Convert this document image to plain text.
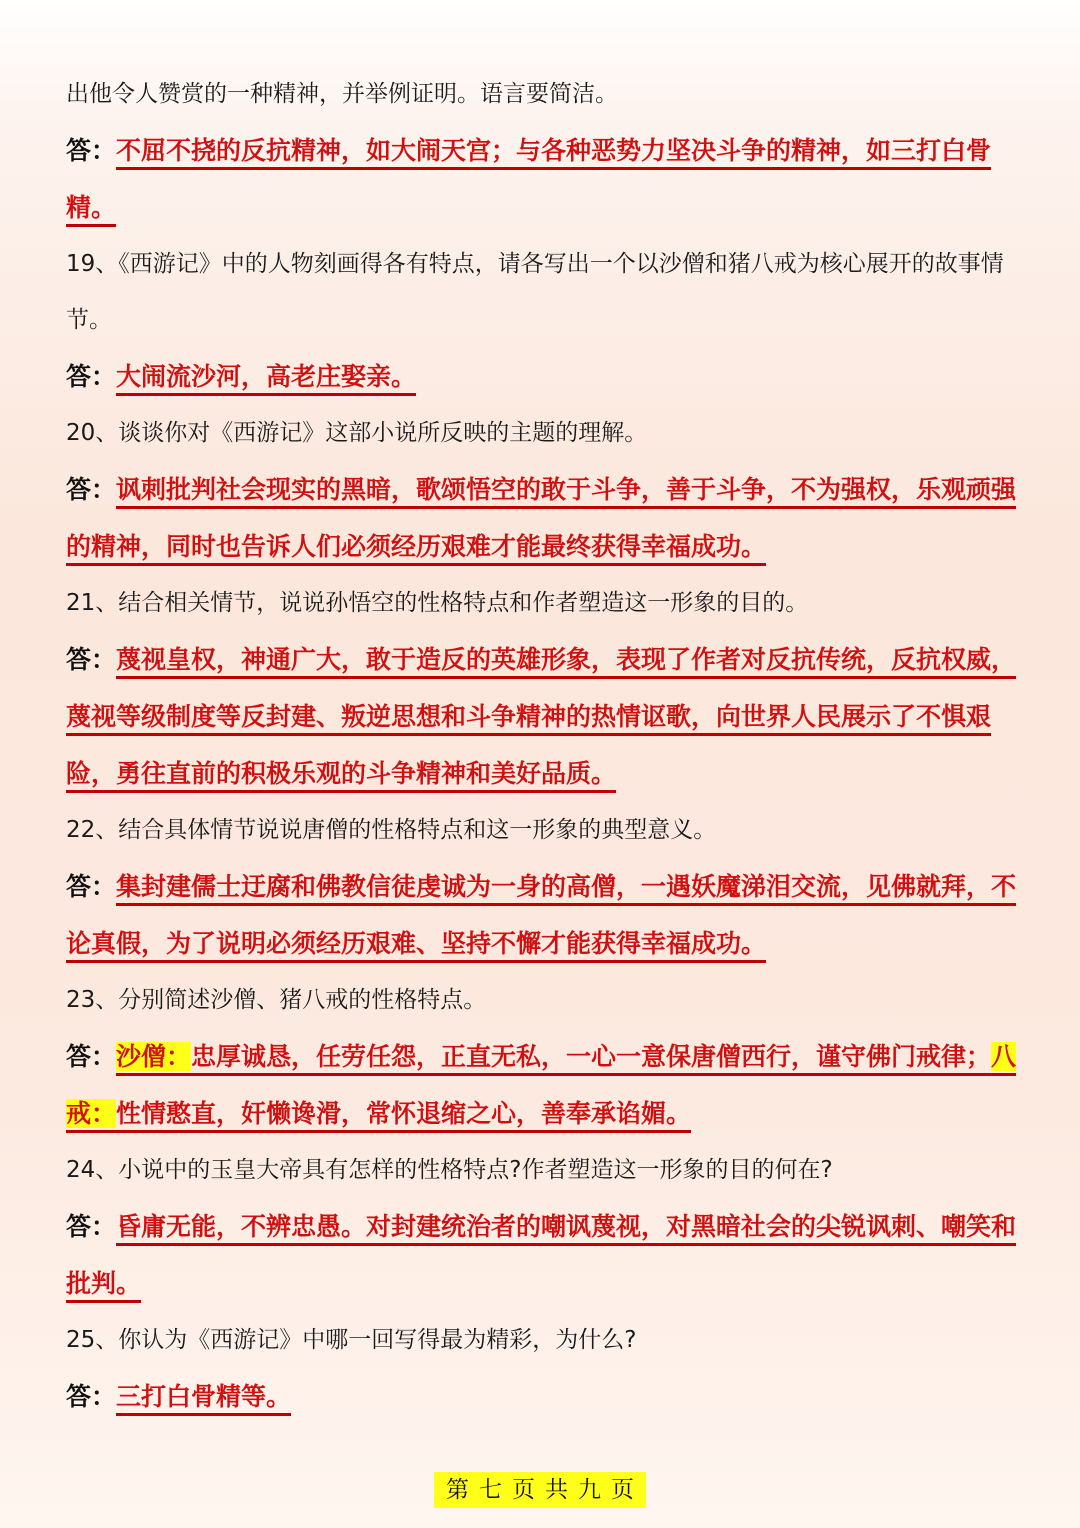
出他令人赞赏的一种精神，并举例证明。语言要简洁。

答：不屈不挠的反抗精神，如大闹天宫；与各种恶势力坚决斗争的精神，如三打白骨精。

19、《西游记》中的人物刻画得各有特点，请各写出一个以沙僧和猪八戒为核心展开的故事情节。

答：大闹流沙河，高老庄娶亲。

20、谈谈你对《西游记》这部小说所反映的主题的理解。

答：讽刺批判社会现实的黑暗，歌颂悟空的敢于斗争，善于斗争，不为强权，乐观顽强的精神，同时也告诉人们必须经历艰难才能最终获得幸福成功。

21、结合相关情节，说说孙悟空的性格特点和作者塑造这一形象的目的。

答：蔑视皇权，神通广大，敢于造反的英雄形象，表现了作者对反抗传统，反抗权威，蔑视等级制度等反封建、叛逆思想和斗争精神的热情讴歌，向世界人民展示了不惧艰险，勇往直前的积极乐观的斗争精神和美好品质。

22、结合具体情节说说唐僧的性格特点和这一形象的典型意义。

答：集封建儒士迂腐和佛教信徒虔诚为一身的高僧，一遇妖魔涕泪交流，见佛就拜，不论真假，为了说明必须经历艰难、坚持不懈才能获得幸福成功。

23、分别简述沙僧、猪八戒的性格特点。

答：沙僧：忠厚诚恳，任劳任怨，正直无私，一心一意保唐僧西行，谨守佛门戒律；八戒：性情憨直，奸懒谗滑，常怀退缩之心，善奉承谄媚。

24、小说中的玉皇大帝具有怎样的性格特点?作者塑造这一形象的目的何在?

答：昏庸无能，不辨忠愚。对封建统治者的嘲讽蔑视，对黑暗社会的尖锐讽刺、嘲笑和批判。

25、你认为《西游记》中哪一回写得最为精彩，为什么?

答：三打白骨精等。

第七页共九页
